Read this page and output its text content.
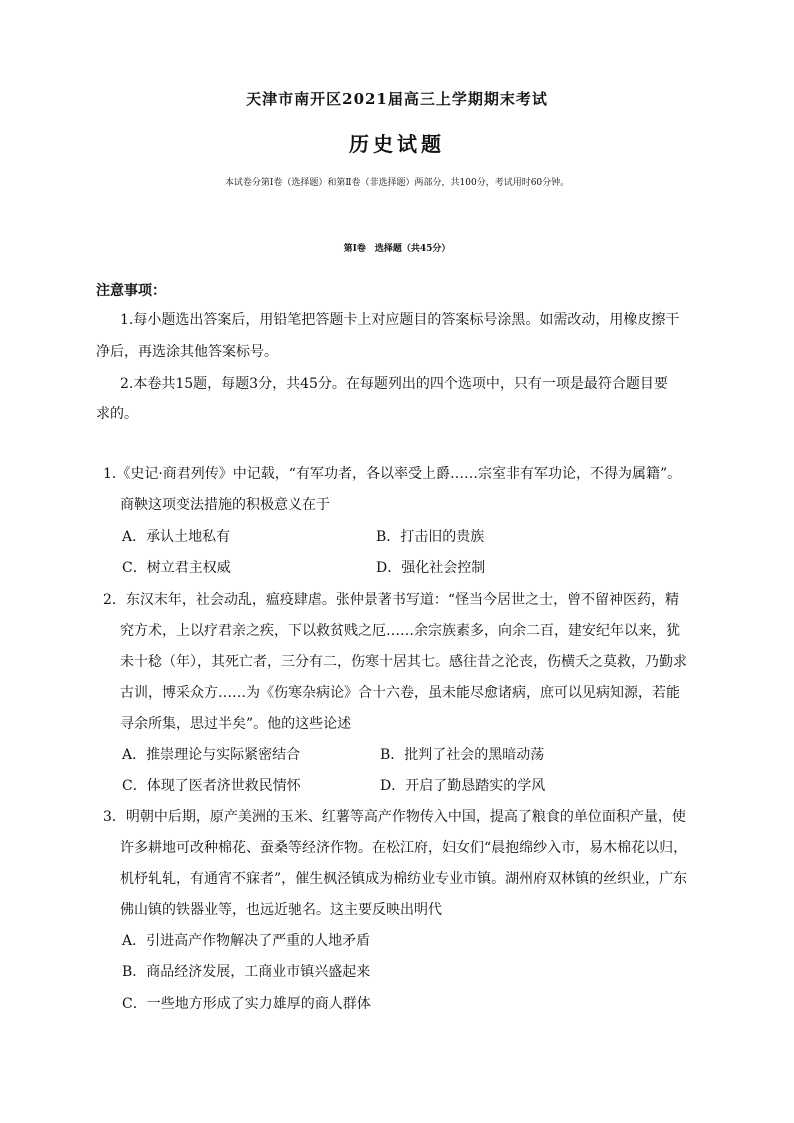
天津市南开区2021届高三上学期期末考试
历史试题
本试卷分第Ⅰ卷（选择题）和第Ⅱ卷（非选择题）两部分，共100分，考试用时60分钟。
第Ⅰ卷　选择题（共45分）
注意事项：
1.每小题选出答案后，用铅笔把答题卡上对应题目的答案标号涂黑。如需改动，用橡皮擦干
净后，再选涂其他答案标号。
2.本卷共15题，每题3分，共45分。在每题列出的四个选项中，只有一项是最符合题目要
求的。
1.《史记·商君列传》中记载，“有军功者，各以率受上爵……宗室非有军功论，不得为属籍”。
商鞅这项变法措施的积极意义在于
A．承认土地私有	B．打击旧的贵族
C．树立君主权威	D．强化社会控制
2．东汉末年，社会动乱，瘟疫肆虐。张仲景著书写道：“怪当今居世之士，曾不留神医药，精
究方术，上以疗君亲之疾，下以救贫贱之厄……余宗族素多，向余二百，建安纪年以来，犹
未十稔（年），其死亡者，三分有二，伤寒十居其七。感往昔之沦丧，伤横夭之莫救，乃勤求
古训，博采众方……为《伤寒杂病论》合十六卷，虽未能尽愈诸病，庶可以见病知源，若能
寻余所集，思过半矣”。他的这些论述
A．推崇理论与实际紧密结合	B．批判了社会的黑暗动荡
C．体现了医者济世救民情怀	D．开启了勤恳踏实的学风
3．明朝中后期，原产美洲的玉米、红薯等高产作物传入中国，提高了粮食的单位面积产量，使
许多耕地可改种棉花、蚕桑等经济作物。在松江府，妇女们“晨抱绵纱入市，易木棉花以归，
机杼轧轧，有通宵不寐者”，催生枫泾镇成为棉纺业专业市镇。湖州府双林镇的丝织业，广东
佛山镇的铁器业等，也远近驰名。这主要反映出明代
A．引进高产作物解决了严重的人地矛盾
B．商品经济发展，工商业市镇兴盛起来
C．一些地方形成了实力雄厚的商人群体
